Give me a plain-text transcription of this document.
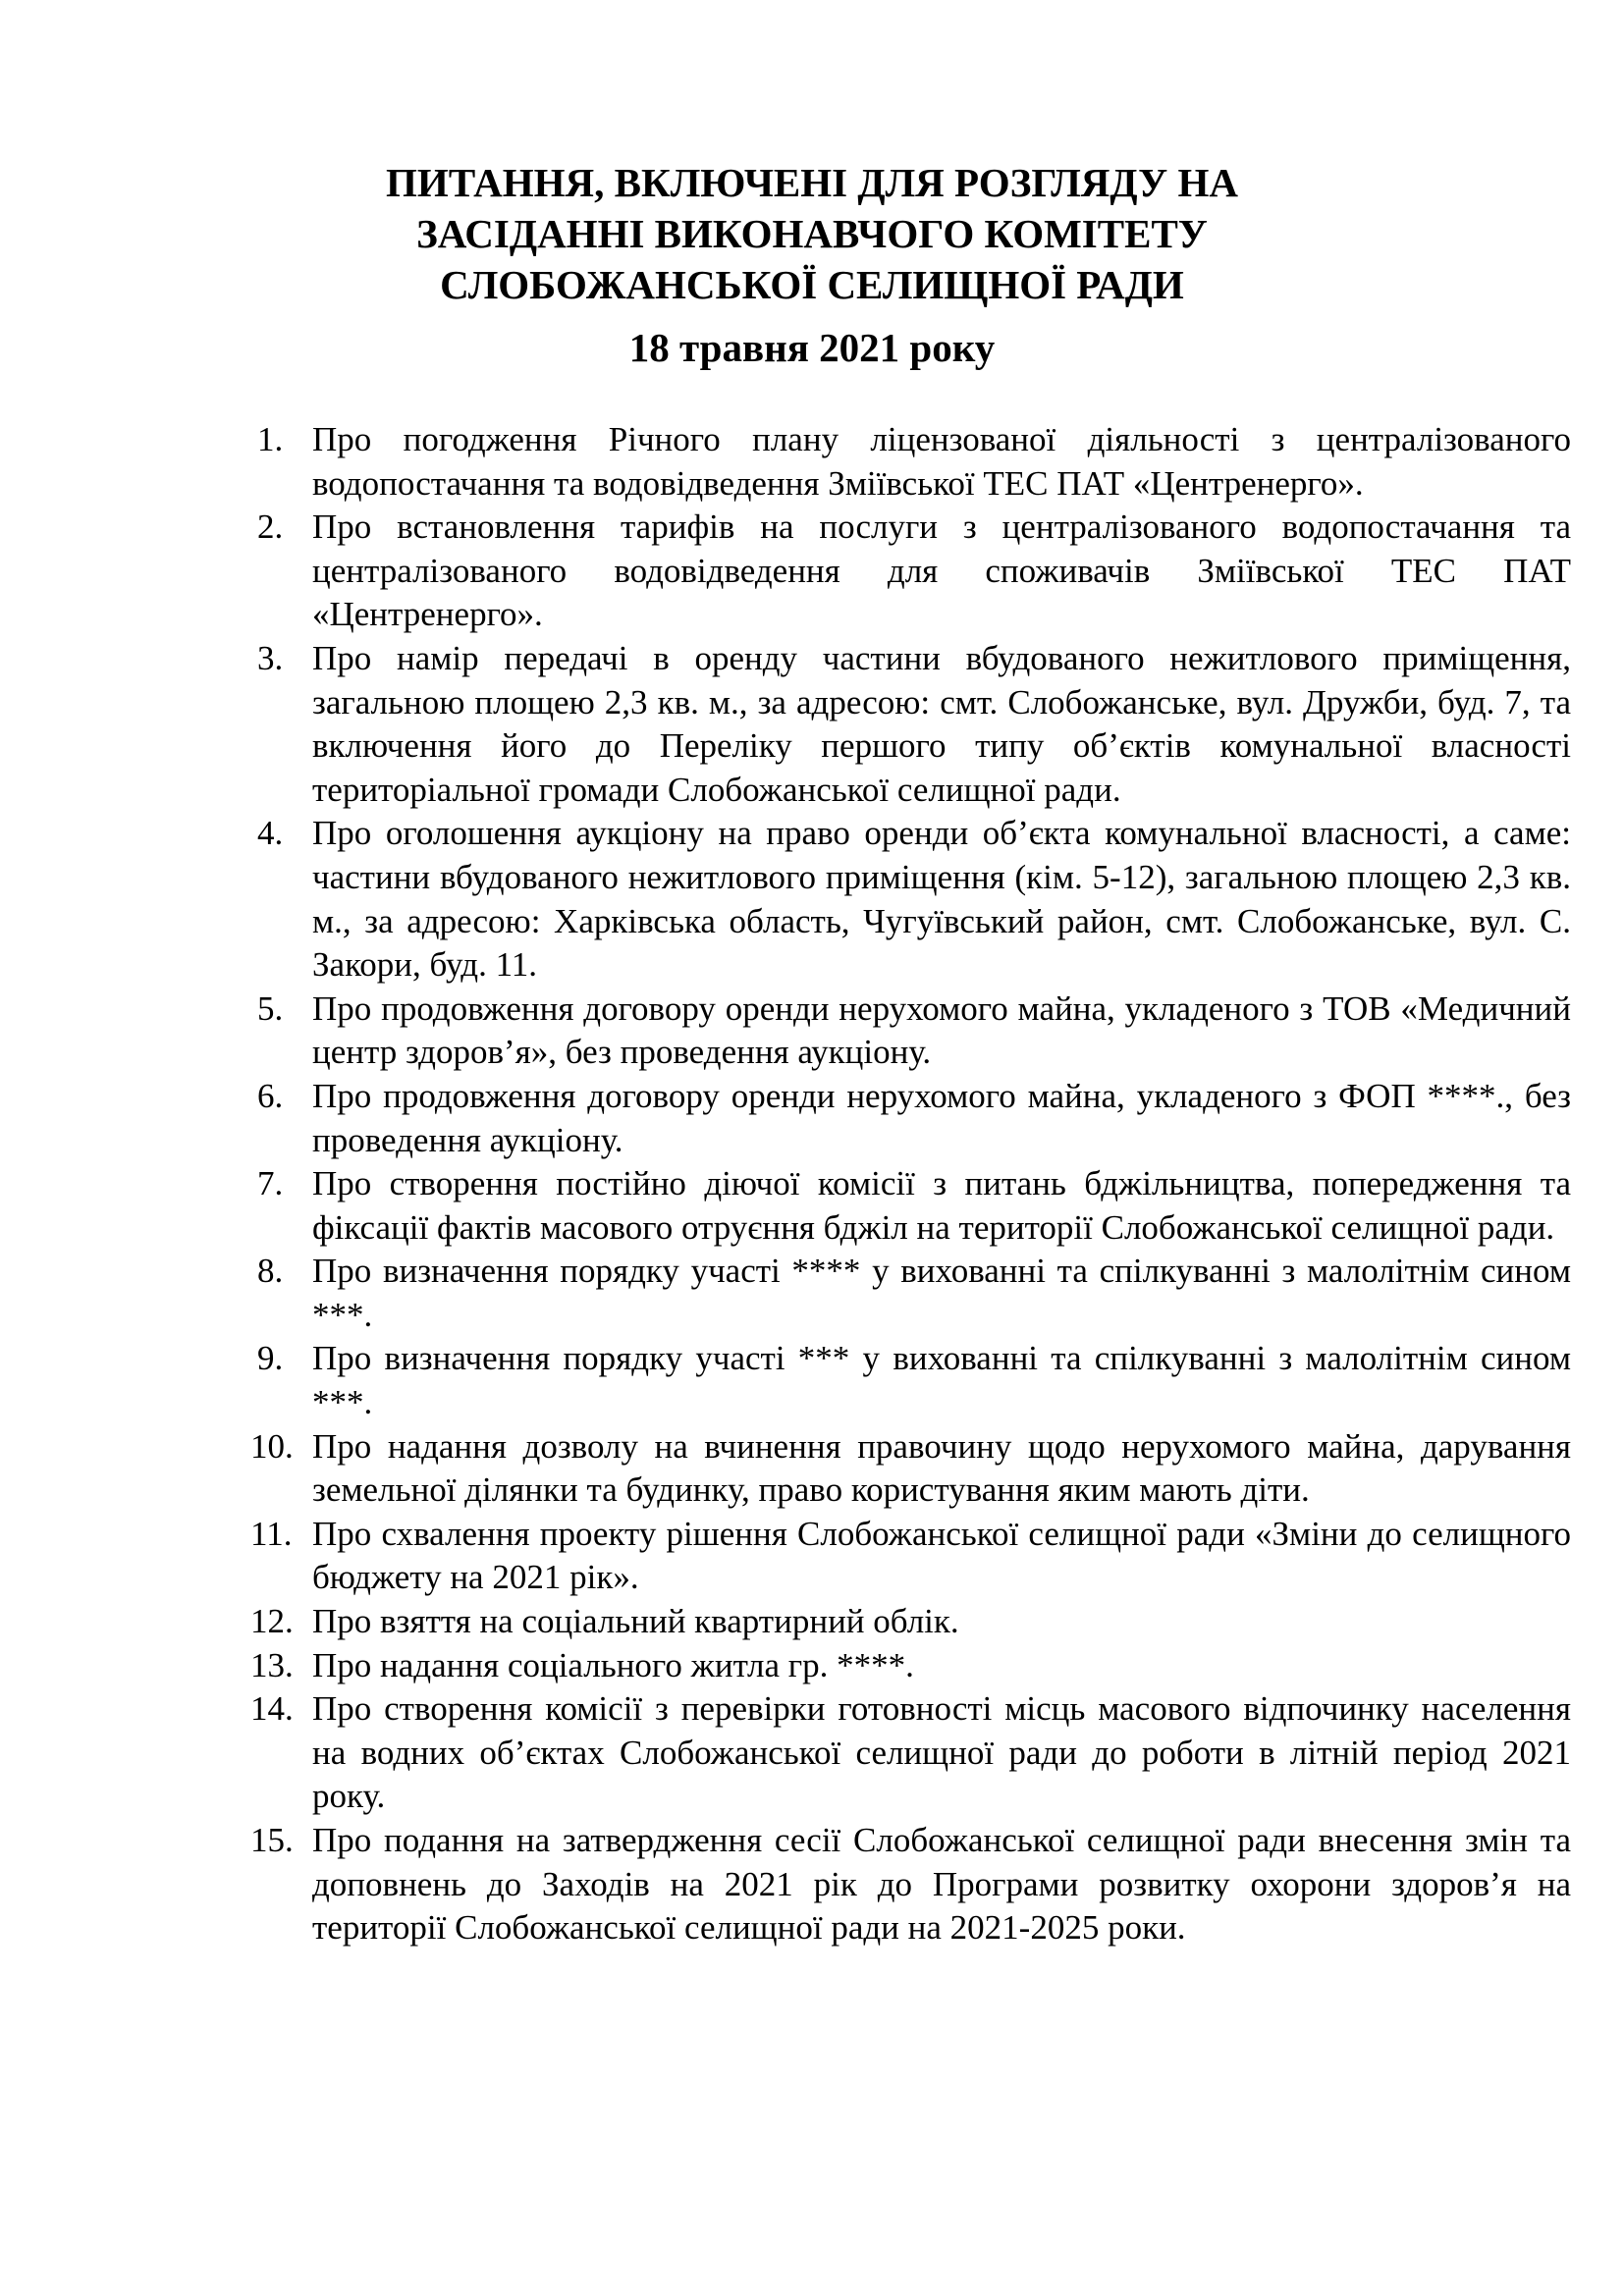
ПИТАННЯ, ВКЛЮЧЕНІ ДЛЯ РОЗГЛЯДУ НА
ЗАСІДАННІ ВИКОНАВЧОГО КОМІТЕТУ
СЛОБОЖАНСЬКОЇ СЕЛИЩНОЇ РАДИ
18 травня 2021 року
1. Про погодження Річного плану ліцензованої діяльності з централізованого водопостачання та водовідведення Зміївської ТЕС ПАТ «Центренерго».
2. Про встановлення тарифів на послуги з централізованого водопостачання та централізованого водовідведення для споживачів Зміївської ТЕС ПАТ «Центренерго».
3. Про намір передачі в оренду частини вбудованого нежитлового приміщення, загальною площею 2,3 кв. м., за адресою: смт. Слобожанське, вул. Дружби, буд. 7, та включення його до Переліку першого типу об’єктів комунальної власності територіальної громади Слобожанської селищної ради.
4. Про оголошення аукціону на право оренди об’єкта комунальної власності, а саме: частини вбудованого нежитлового приміщення (кім. 5-12), загальною площею 2,3 кв. м., за адресою: Харківська область, Чугуївський район, смт. Слобожанське, вул. С. Закори, буд. 11.
5. Про продовження договору оренди нерухомого майна, укладеного з ТОВ «Медичний центр здоров’я», без проведення аукціону.
6. Про продовження договору оренди нерухомого майна, укладеного з ФОП ****., без проведення аукціону.
7. Про створення постійно діючої комісії з питань бджільництва, попередження та фіксації фактів масового отруєння бджіл на території Слобожанської селищної ради.
8. Про визначення порядку участі **** у вихованні та спілкуванні з малолітнім сином ***.
9. Про визначення порядку участі *** у вихованні та спілкуванні з малолітнім сином ***.
10. Про надання дозволу на вчинення правочину щодо нерухомого майна, дарування земельної ділянки та будинку, право користування яким мають діти.
11. Про схвалення проекту рішення Слобожанської селищної ради «Зміни до селищного бюджету на 2021 рік».
12. Про взяття на соціальний квартирний облік.
13. Про надання соціального житла гр. ****.
14. Про створення комісії з перевірки готовності місць масового відпочинку населення на водних об’єктах Слобожанської селищної ради до роботи в літній період 2021 року.
15. Про подання на затвердження сесії Слобожанської селищної ради внесення змін та доповнень до Заходів на 2021 рік до Програми розвитку охорони здоров’я на території Слобожанської селищної ради на 2021-2025 роки.
